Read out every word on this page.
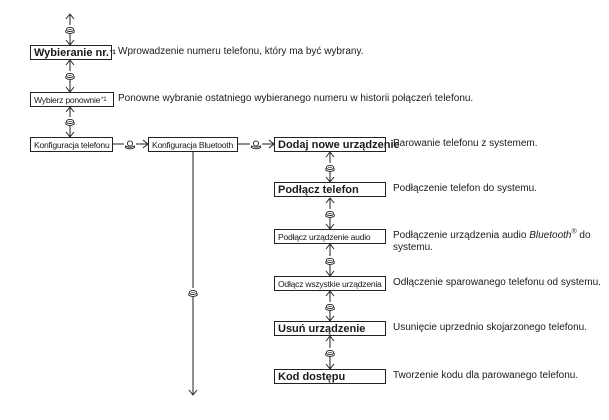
Wybieranie nr. *1 Wprowadzenie numeru telefonu, który ma być wybrany.
Wybierz ponownie *1 Ponowne wybranie ostatniego wybieranego numeru w historii połączeń telefonu.
Konfiguracja telefonu	Konfiguracja Bluetooth	Dodaj nowe urządzenie
Parowanie telefonu z systemem.
Podłącz telefon	Podłączenie telefon do systemu.
Podłącz urządzenie audio Podłączenie urządzenia audio Bluetooth® do systemu.
Odłącz wszystkie urządzenia Odłączenie sparowanego telefonu od systemu.
Usuń urządzenie	Usunięcie uprzednio skojarzonego telefonu.
Kod dostępu	Tworzenie kodu dla parowanego telefonu.
